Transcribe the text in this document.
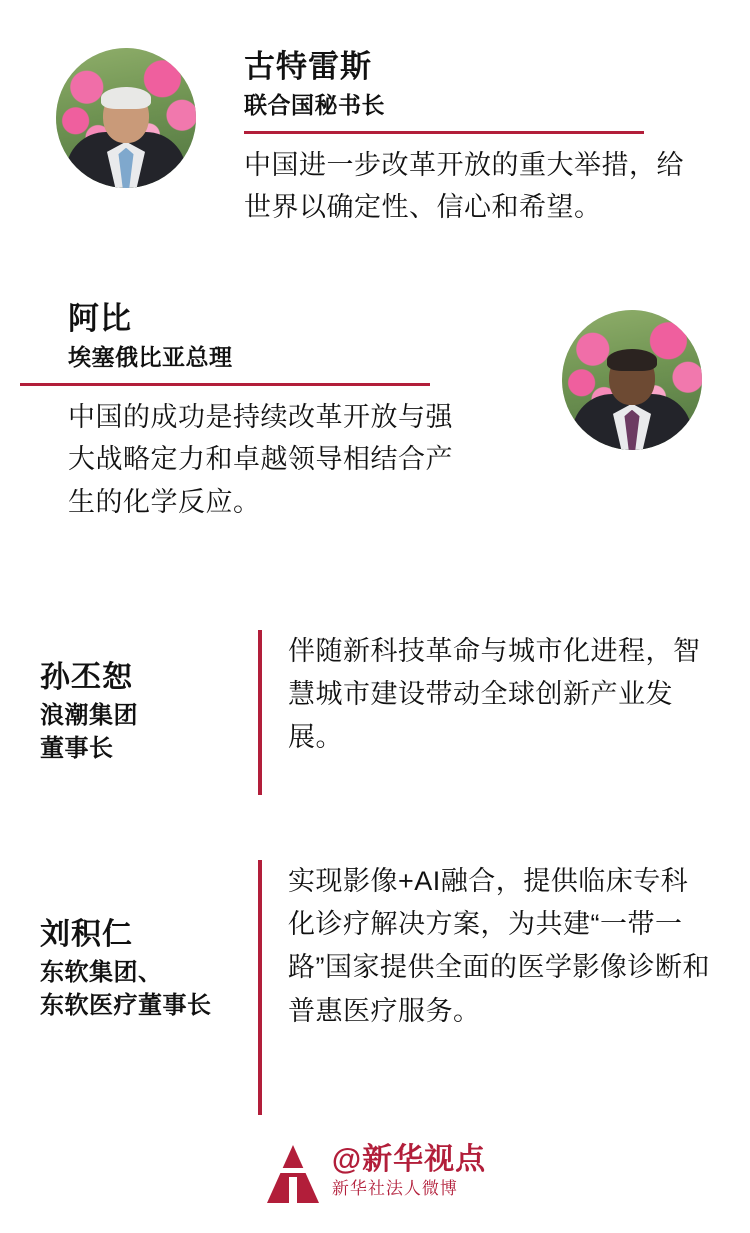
古特雷斯
联合国秘书长
中国进一步改革开放的重大举措，给世界以确定性、信心和希望。
阿比
埃塞俄比亚总理
中国的成功是持续改革开放与强大战略定力和卓越领导相结合产生的化学反应。
孙丕恕
浪潮集团
董事长
伴随新科技革命与城市化进程，智慧城市建设带动全球创新产业发展。
刘积仁
东软集团、
东软医疗董事长
实现影像+AI融合，提供临床专科化诊疗解决方案，为共建“一带一路”国家提供全面的医学影像诊断和普惠医疗服务。
@新华视点
新华社法人微博
